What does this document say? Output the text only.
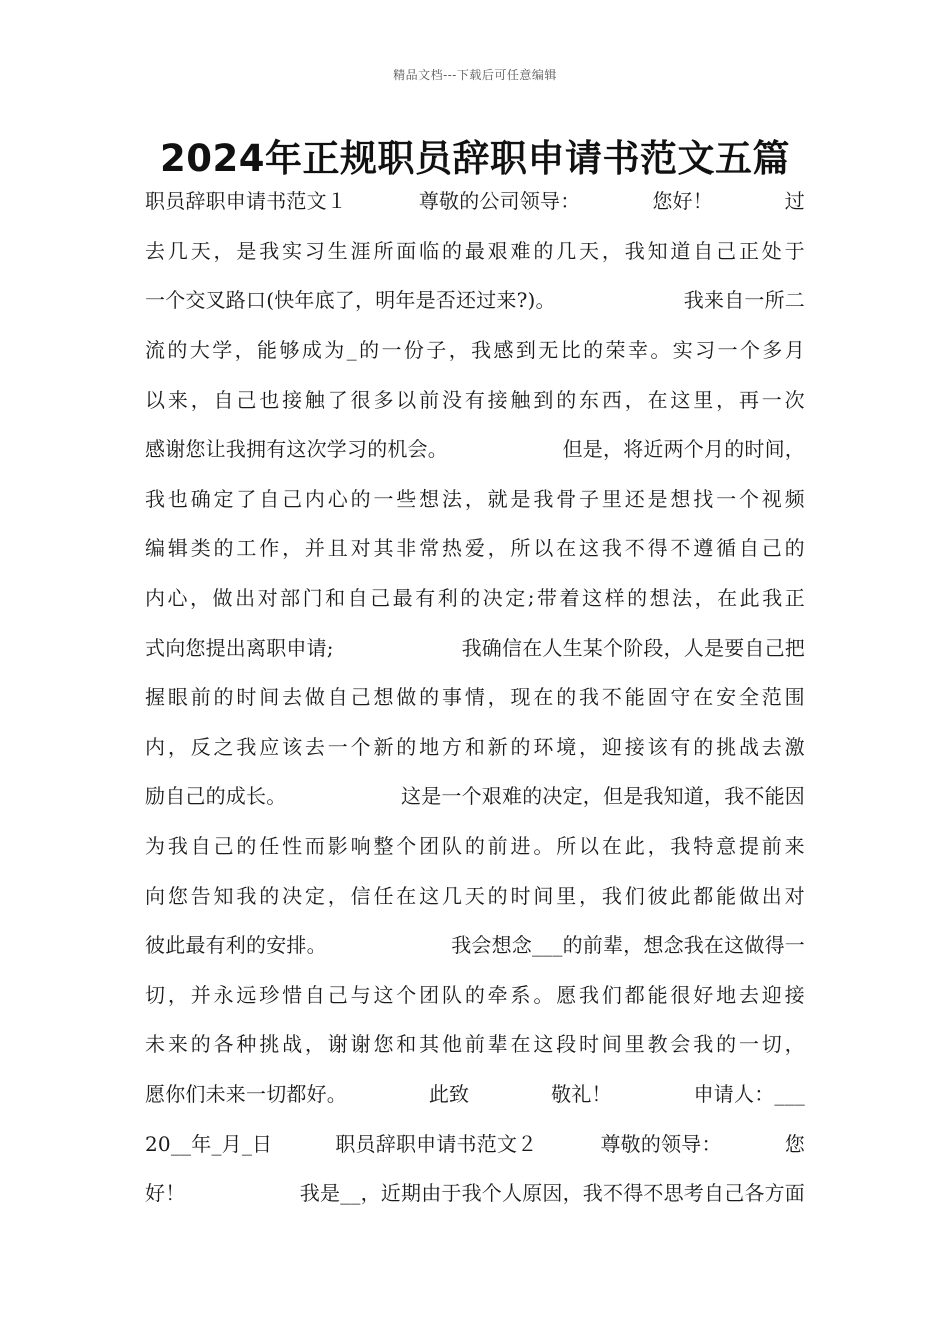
精品文档---下载后可任意编辑
2024年正规职员辞职申请书范文五篇
职员辞职申请书范文１	尊敬的公司领导：	您好！	过
去 几 天 ， 是 我 实 习 生 涯 所 面 临 的 最 艰 难 的 几 天 ， 我 知 道 自 己 正 处 于
一个交叉路口(快年底了，明年是否还过来?)。	我来自一所二
流 的 大 学 ， 能 够 成 为 _ 的 一 份 子 ， 我 感 到 无 比 的 荣 幸 。 实 习 一 个 多 月
以 来 ， 自 己 也 接 触 了 很 多 以 前 没 有 接 触 到 的 东 西 ， 在 这 里 ， 再 一 次
感谢您让我拥有这次学习的机会。	但是，将近两个月的时间，
我 也 确 定 了 自 己 内 心 的 一 些 想 法 ， 就 是 我 骨 子 里 还 是 想 找 一 个 视 频
编 辑 类 的 工 作 ， 并 且 对 其 非 常 热 爱 ， 所 以 在 这 我 不 得 不 遵 循 自 己 的
内 心 ， 做 出 对 部 门 和 自 己 最 有 利 的 决 定 ; 带 着 这 样 的 想 法 ， 在 此 我 正
式向您提出离职申请;	我确信在人生某个阶段，人是要自己把
握 眼 前 的 时 间 去 做 自 己 想 做 的 事 情 ， 现 在 的 我 不 能 固 守 在 安 全 范 围
内 ， 反 之 我 应 该 去 一 个 新 的 地 方 和 新 的 环 境 ， 迎 接 该 有 的 挑 战 去 激
励自己的成长。	这是一个艰难的决定，但是我知道，我不能因
为 我 自 己 的 任 性 而 影 响 整 个 团 队 的 前 进 。 所 以 在 此 ， 我 特 意 提 前 来
向 您 告 知 我 的 决 定 ， 信 任 在 这 几 天 的 时 间 里 ， 我 们 彼 此 都 能 做 出 对
彼此最有利的安排。	我会想念___的前辈，想念我在这做得一
切 ， 并 永 远 珍 惜 自 己 与 这 个 团 队 的 牵 系 。 愿 我 们 都 能 很 好 地 去 迎 接
未 来 的 各 种 挑 战 ， 谢 谢 您 和 其 他 前 辈 在 这 段 时 间 里 教 会 我 的 一 切 ，
愿你们未来一切都好。	此致	敬礼！	申请人：___
20__年_月_日	职员辞职申请书范文２	尊敬的领导：	您
好！	我是__，近期由于我个人原因，我不得不思考自己各方面
